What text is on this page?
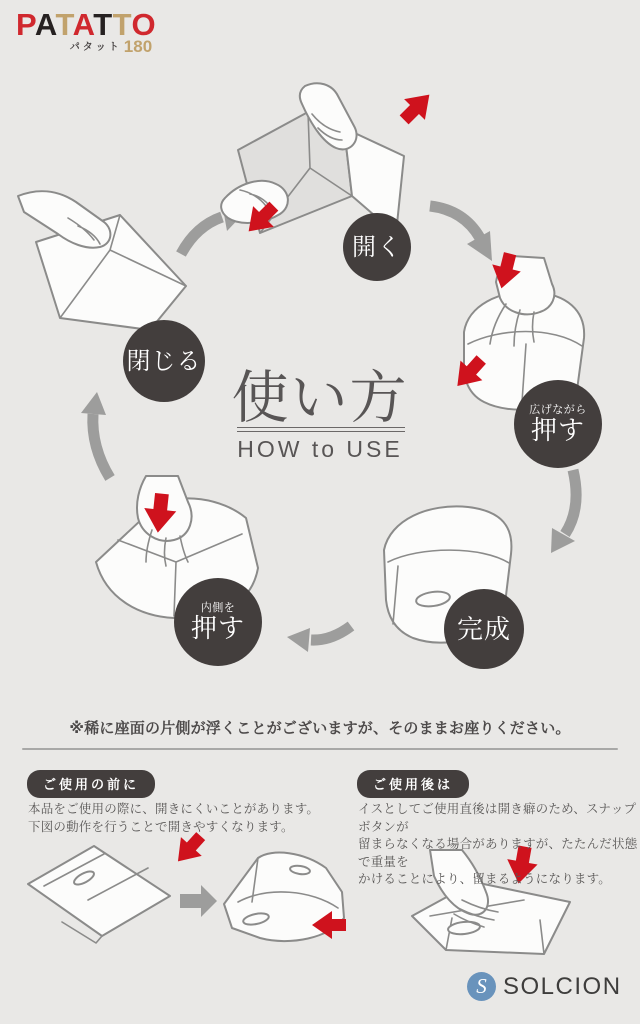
PATATTO
パタット 180
開く
広げながら
押す
完成
内側を
押す
閉じる
使い方
HOW to USE
※稀に座面の片側が浮くことがございますが、そのままお座りください。
ご使用の前に
本品をご使用の際に、開きにくいことがあります。
下図の動作を行うことで開きやすくなります。
ご使用後は
イスとしてご使用直後は開き癖のため、スナップボタンが
留まらなくなる場合がありますが、たたんだ状態で重量を
かけることにより、留まるようになります。
S SOLCION
